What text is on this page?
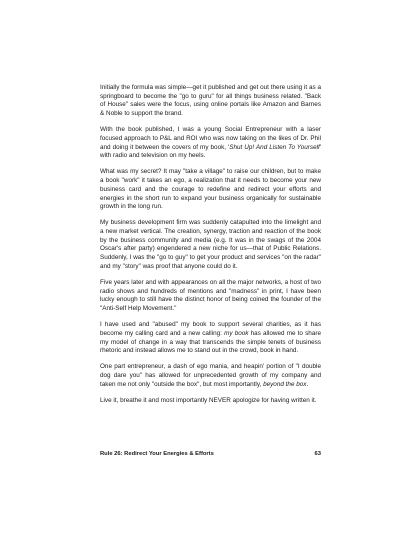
Initially the formula was simple—get it published and get out there using it as a springboard to become the "go to guru" for all things business related. "Back of House" sales were the focus, using online portals like Amazon and Barnes & Noble to support the brand.

With the book published, I was a young Social Entrepreneur with a laser focused approach to P&L and ROI who was now taking on the likes of Dr. Phil and doing it between the covers of my book, 'Shut Up! And Listen To Yourself' with radio and television on my heels.

What was my secret? It may "take a village" to raise our children, but to make a book "work" it takes an ego, a realization that it needs to become your new business card and the courage to redefine and redirect your efforts and energies in the short run to expand your business organically for sustainable growth in the long run.

My business development firm was suddenly catapulted into the limelight and a new market vertical. The creation, synergy, traction and reaction of the book by the business community and media (e.g. It was in the swags of the 2004 Oscar's after party) engendered a new niche for us—that of Public Relations. Suddenly, I was the "go to guy" to get your product and services "on the radar" and my "story" was proof that anyone could do it.

Five years later and with appearances on all the major networks, a host of two radio shows and hundreds of mentions and "madness" in print, I have been lucky enough to still have the distinct honor of being coined the founder of the "Anti-Self Help Movement."

I have used and "abused" my book to support several charities, as it has become my calling card and a new calling: my book has allowed me to share my model of change in a way that transcends the simple tenets of business rhetoric and instead allows me to stand out in the crowd, book in hand.

One part entrepreneur, a dash of ego mania, and heapin' portion of "I double dog dare you" has allowed for unprecedented growth of my company and taken me not only "outside the box", but most importantly, beyond the box.

Live it, breathe it and most importantly NEVER apologize for having written it.

Rule 26: Redirect Your Energies & Efforts	63
